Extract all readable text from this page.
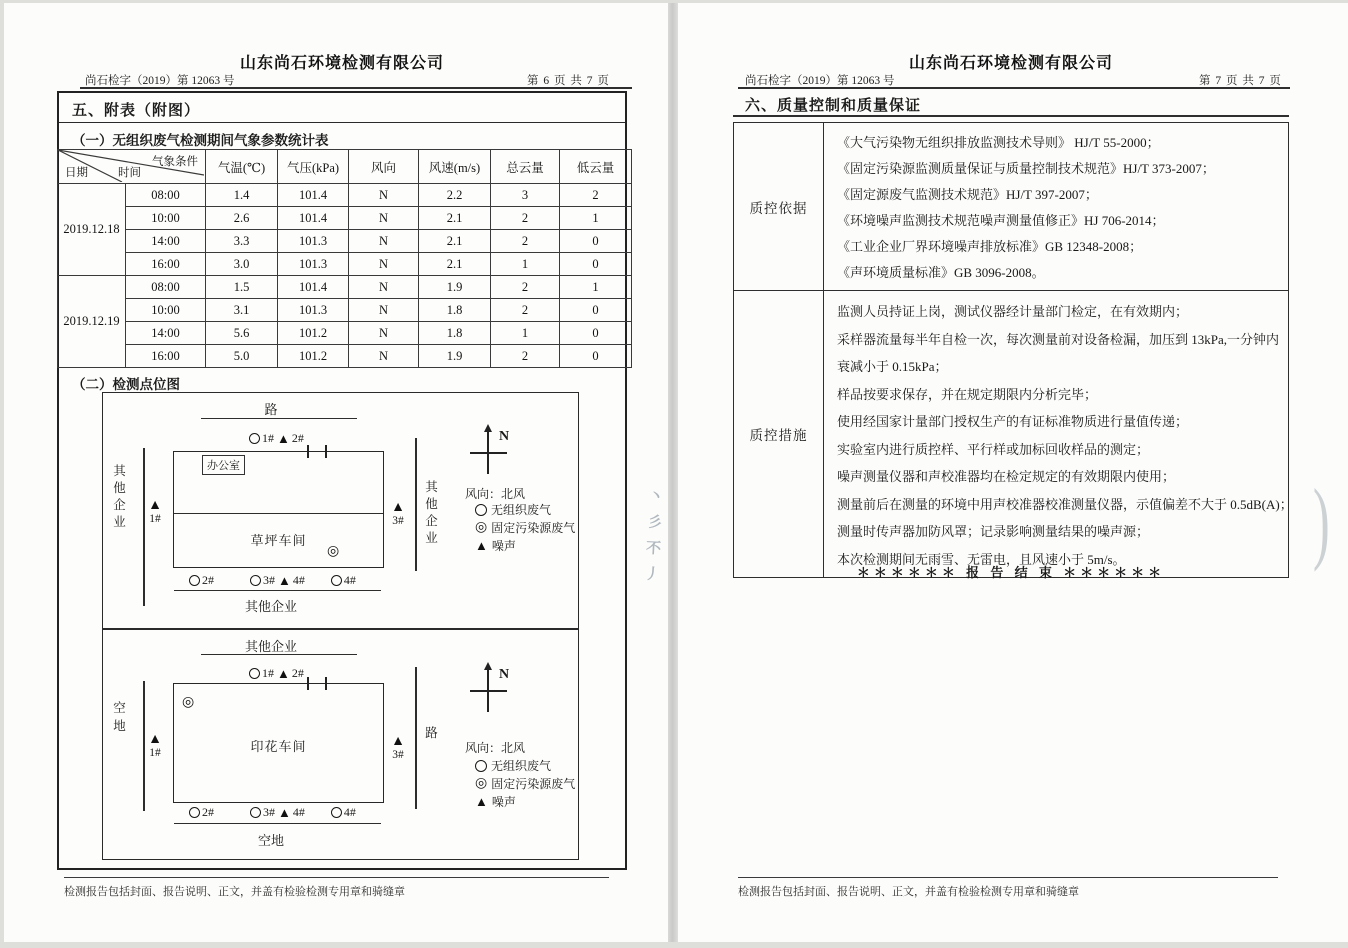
山东尚石环境检测有限公司
尚石检字（2019）第 12063 号	第 6 页 共 7 页
五、附表（附图）
（一）无组织废气检测期间气象参数统计表
气象条件
时间
日期		气温(℃)	气压(kPa)	风向	风速(m/s)	总云量	低云量
2019.12.18	08:00	1.4	101.4	N	2.2	3	2
	10:00	2.6	101.4	N	2.1	2	1
	14:00	3.3	101.3	N	2.1	2	0
	16:00	3.0	101.3	N	2.1	1	0
2019.12.19	08:00	1.5	101.4	N	1.9	2	1
	10:00	3.1	101.3	N	1.8	2	0
	14:00	5.6	101.2	N	1.8	1	0
	16:00	5.0	101.2	N	1.9	2	0
（二）检测点位图
路
1# ▲ 2#
办公室
草坪车间
◎
其他企业
▲
1#
其他企业
▲
3#
2#	3# ▲ 4#	4#
其他企业
N
风向：北风
无组织废气
◎ 固定污染源废气
▲ 噪声
其他企业
1# ▲ 2#
◎
印花车间
空地
▲
1#
路
▲
3#
2#	3# ▲ 4#	4#
空地
N
风向：北风
无组织废气
◎ 固定污染源废气
▲ 噪声
检测报告包括封面、报告说明、正文，并盖有检验检测专用章和骑缝章
丶 彡 不 丿
山东尚石环境检测有限公司
尚石检字（2019）第 12063 号	第 7 页 共 7 页
六、质量控制和质量保证
质控依据	
《大气污染物无组织排放监测技术导则》 HJ/T 55-2000；
《固定污染源监测质量保证与质量控制技术规范》HJ/T 373-2007；
《固定源废气监测技术规范》HJ/T 397-2007；
《环境噪声监测技术规范噪声测量值修正》HJ 706-2014；
《工业企业厂界环境噪声排放标准》GB 12348-2008；
《声环境质量标准》GB 3096-2008。

质控措施	
监测人员持证上岗，测试仪器经计量部门检定，在有效期内；
采样器流量每半年自检一次，每次测量前对设备检漏，加压到 13kPa,一分钟内
衰减小于 0.15kPa；
样品按要求保存，并在规定期限内分析完毕；
使用经国家计量部门授权生产的有证标准物质进行量值传递；
实验室内进行质控样、平行样或加标回收样品的测定；
噪声测量仪器和声校准器均在检定规定的有效期限内使用；
测量前后在测量的环境中用声校准器校准测量仪器，示值偏差不大于 0.5dB(A)；
测量时传声器加防风罩；记录影响测量结果的噪声源；
本次检测期间无雨雪、无雷电，且风速小于 5m/s。
＊＊＊＊＊＊ 报 告 结 束 ＊＊＊＊＊＊
检测报告包括封面、报告说明、正文，并盖有检验检测专用章和骑缝章
)
